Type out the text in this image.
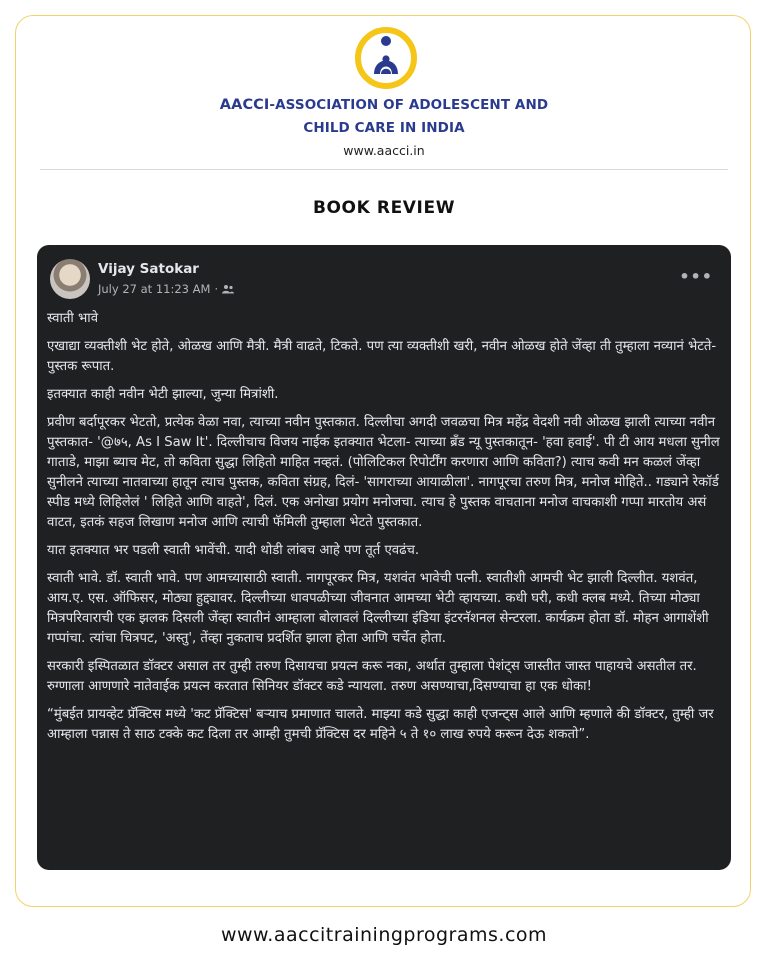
AACCI-ASSOCIATION OF ADOLESCENT AND
CHILD CARE IN INDIA
www.aacci.in
BOOK REVIEW
Vijay Satokar
July 27 at 11:23 AM ·
•••

स्वाती भावे

एखाद्या व्यक्तीशी भेट होते, ओळख आणि मैत्री. मैत्री वाढते, टिकते. पण त्या व्यक्तीशी खरी, नवीन ओळख होते जेंव्हा ती तुम्हाला नव्यानं भेटते- पुस्तक रूपात.

इतक्यात काही नवीन भेटी झाल्या, जुन्या मित्रांशी.

प्रवीण बर्दापूरकर भेटतो, प्रत्येक वेळा नवा, त्याच्या नवीन पुस्तकात. दिल्लीचा अगदी जवळचा मित्र महेंद्र वेदशी नवी ओळख झाली त्याच्या नवीन पुस्तकात- '@७५, As I Saw It'. दिल्लीचाच विजय नाईक इतक्यात भेटला- त्याच्या ब्रँड न्यू पुस्तकातून- 'हवा हवाई'. पी टी आय मधला सुनील गाताडे, माझा ब्याच मेट, तो कविता सुद्धा लिहितो माहित नव्हतं. (पोलिटिकल रिपोर्टींग करणारा आणि कविता?) त्याच कवी मन कळलं जेंव्हा सुनीलने त्याच्या नातवाच्या हातून त्याच पुस्तक, कविता संग्रह, दिलं- 'सागराच्या आयाळीला'. नागपूरचा तरुण मित्र, मनोज मोहिते.. गड्याने रेकॉर्ड स्पीड मध्ये लिहिलेलं ' लिहिते आणि वाहते', दिलं. एक अनोखा प्रयोग मनोजचा. त्याच हे पुस्तक वाचताना मनोज वाचकाशी गप्पा मारतोय असं वाटत, इतकं सहज लिखाण मनोज आणि त्याची फॅमिली तुम्हाला भेटते पुस्तकात.

यात इतक्यात भर पडली स्वाती भावेंची. यादी थोडी लांबच आहे पण तूर्त एवढंच.

स्वाती भावे. डॉ. स्वाती भावे. पण आमच्यासाठी स्वाती. नागपूरकर मित्र, यशवंत भावेची पत्नी. स्वातीशी आमची भेट झाली दिल्लीत. यशवंत, आय.ए. एस. ऑफिसर, मोठ्या हुद्द्यावर. दिल्लीच्या धावपळीच्या जीवनात आमच्या भेटी व्हायच्या. कधी घरी, कधी क्लब मध्ये. तिच्या मोठ्या मित्रपरिवाराची एक झलक दिसली जेंव्हा स्वातीनं आम्हाला बोलावलं दिल्लीच्या इंडिया इंटरनॅशनल सेन्टरला. कार्यक्रम होता डॉ. मोहन आगाशेंशी गप्पांचा. त्यांचा चित्रपट, 'अस्तु', तेंव्हा नुकताच प्रदर्शित झाला होता आणि चर्चेत होता.

सरकारी इस्पितळात डॉक्टर असाल तर तुम्ही तरुण दिसायचा प्रयत्न करू नका, अर्थात तुम्हाला पेशंट्स जास्तीत जास्त पाहायचे असतील तर. रुग्णाला आणणारे नातेवाईक प्रयत्न करतात सिनियर डॉक्टर कडे न्यायला. तरुण असण्याचा,दिसण्याचा हा एक धोका!

“मुंबईत प्रायव्हेट प्रॅक्टिस मध्ये 'कट प्रॅक्टिस' बऱ्याच प्रमाणात चालते. माझ्या कडे सुद्धा काही एजन्ट्स आले आणि म्हणाले की डॉक्टर, तुम्ही जर आम्हाला पन्नास ते साठ टक्के कट दिला तर आम्ही तुमची प्रॅक्टिस दर महिने ५ ते १० लाख रुपये करून देऊ शकतो”.

www.aaccitrainingprograms.com
